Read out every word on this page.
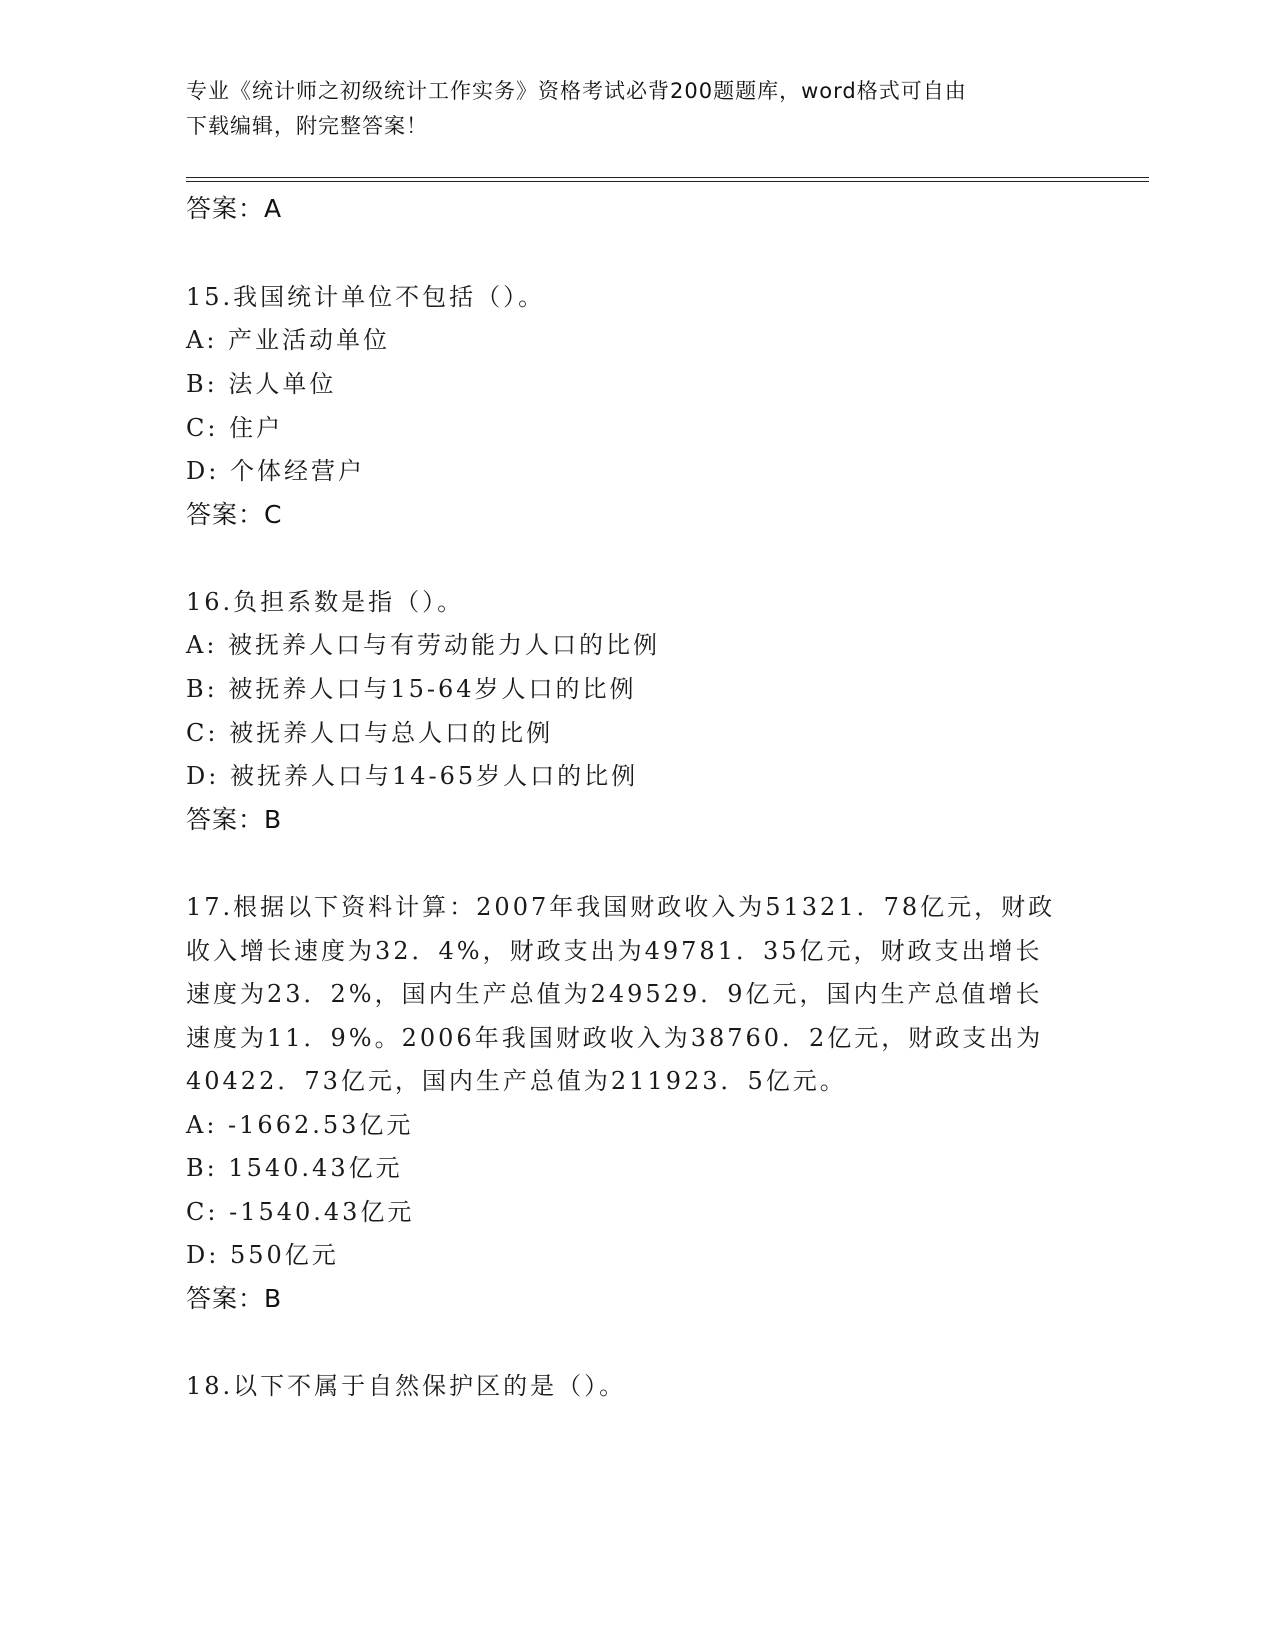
专业《统计师之初级统计工作实务》资格考试必背200题题库，word格式可自由
下载编辑，附完整答案！
答案：A
15.我国统计单位不包括（）。
A: 产业活动单位
B: 法人单位
C: 住户
D: 个体经营户
答案：C
16.负担系数是指（）。
A: 被抚养人口与有劳动能力人口的比例
B: 被抚养人口与15-64岁人口的比例
C: 被抚养人口与总人口的比例
D: 被抚养人口与14-65岁人口的比例
答案：B
17.根据以下资料计算：2007年我国财政收入为51321．78亿元，财政
收入增长速度为32．4%，财政支出为49781．35亿元，财政支出增长
速度为23．2%，国内生产总值为249529．9亿元，国内生产总值增长
速度为11．9%。2006年我国财政收入为38760．2亿元，财政支出为
40422．73亿元，国内生产总值为211923．5亿元。
A: -1662.53亿元
B: 1540.43亿元
C: -1540.43亿元
D: 550亿元
答案：B
18.以下不属于自然保护区的是（）。
